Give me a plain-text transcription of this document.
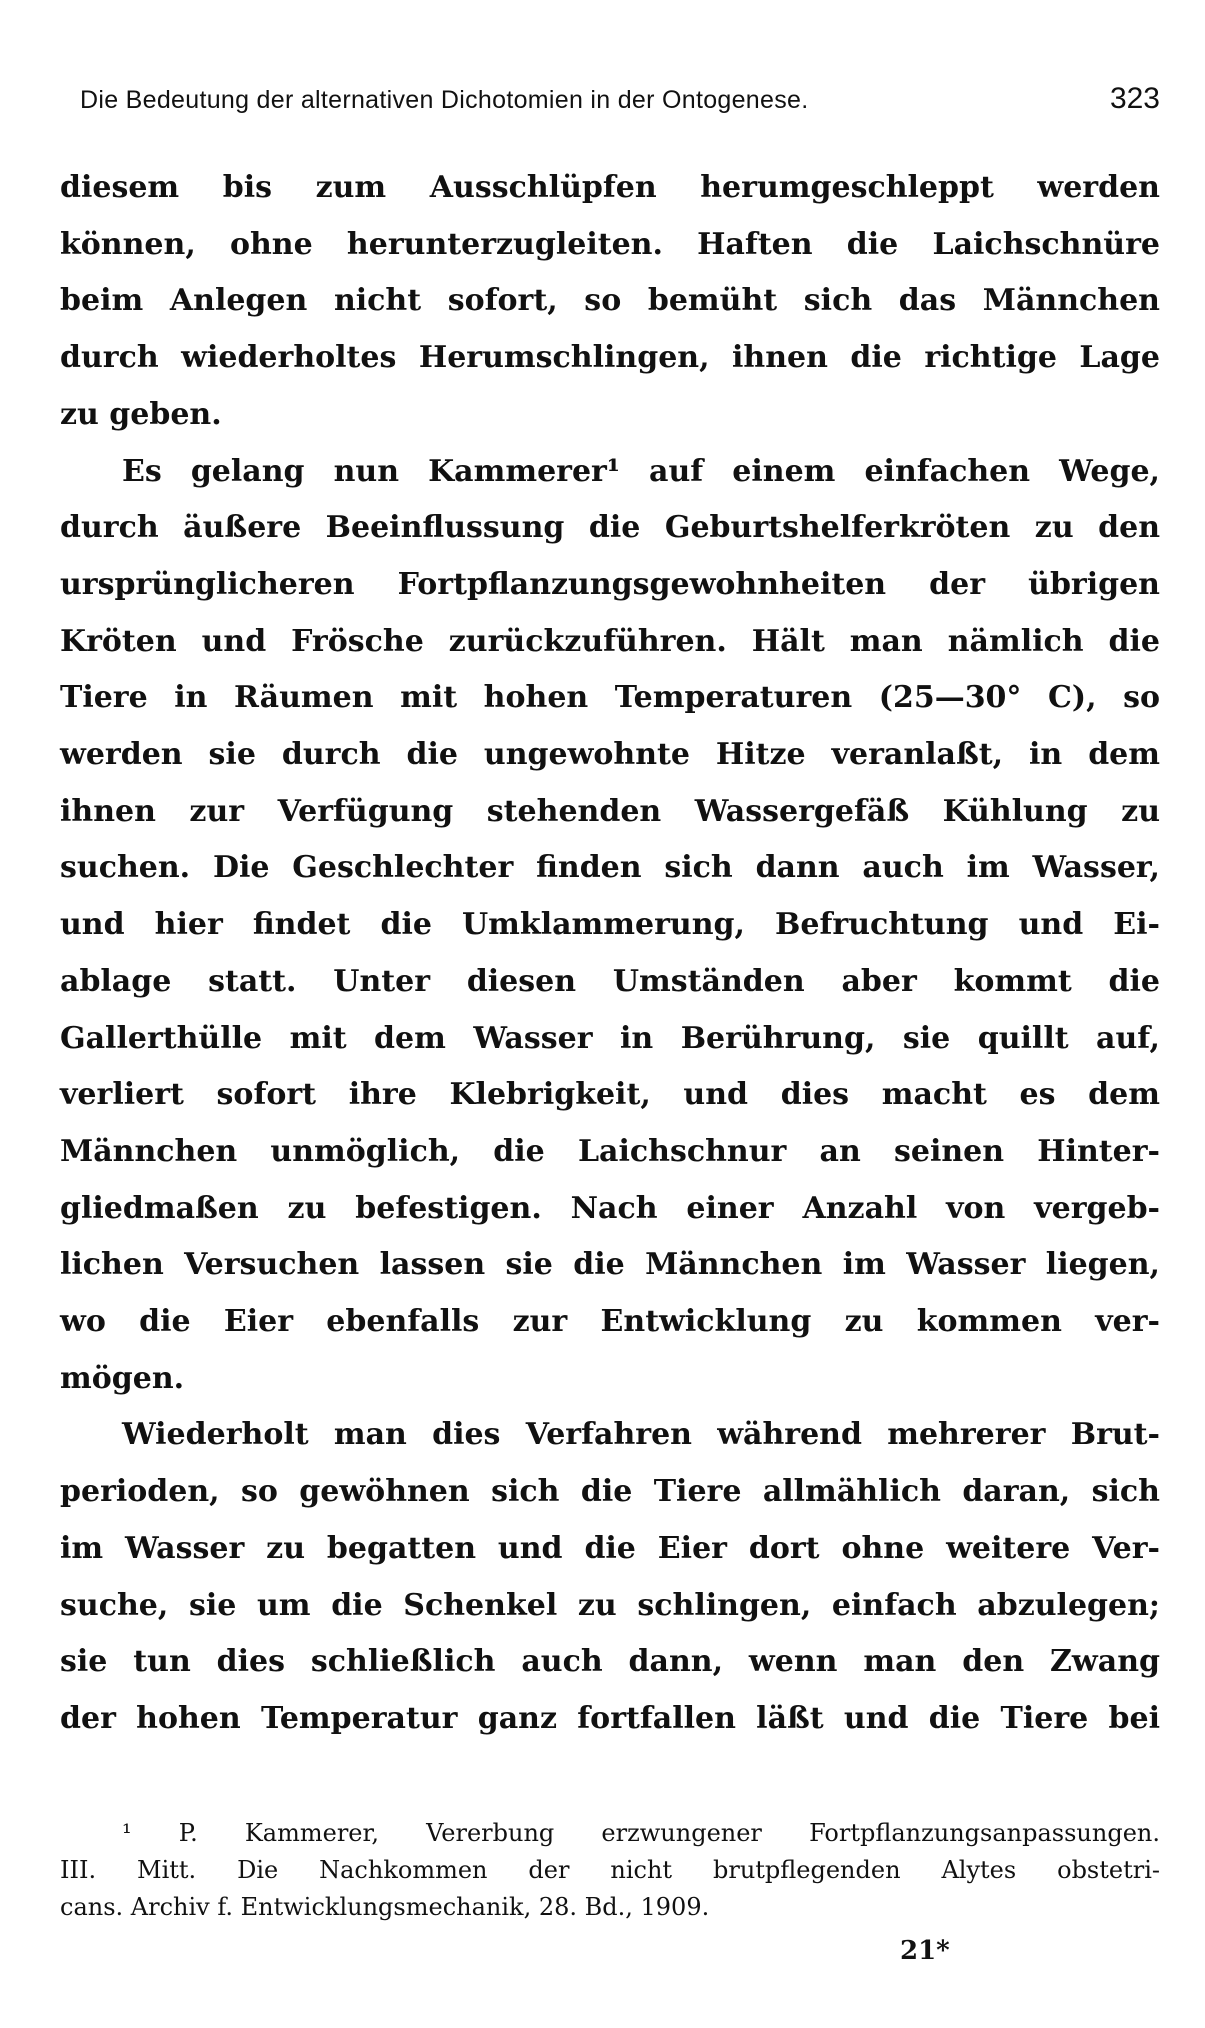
Die Bedeutung der alternativen Dichotomien in der Ontogenese.	323

diesem bis zum Ausschlüpfen herumgeschleppt werden
können, ohne herunterzugleiten. Haften die Laichschnüre
beim Anlegen nicht sofort, so bemüht sich das Männchen
durch wiederholtes Herumschlingen, ihnen die richtige Lage
zu geben.

Es gelang nun Kammerer¹ auf einem einfachen Wege,
durch äußere Beeinflussung die Geburtshelferkröten zu den
ursprünglicheren Fortpflanzungsgewohnheiten der übrigen
Kröten und Frösche zurückzuführen. Hält man nämlich die
Tiere in Räumen mit hohen Temperaturen (25—30° C), so
werden sie durch die ungewohnte Hitze veranlaßt, in dem
ihnen zur Verfügung stehenden Wassergefäß Kühlung zu
suchen. Die Geschlechter finden sich dann auch im Wasser,
und hier findet die Umklammerung, Befruchtung und Ei-
ablage statt. Unter diesen Umständen aber kommt die
Gallerthülle mit dem Wasser in Berührung, sie quillt auf,
verliert sofort ihre Klebrigkeit, und dies macht es dem
Männchen unmöglich, die Laichschnur an seinen Hinter-
gliedmaßen zu befestigen. Nach einer Anzahl von vergeb-
lichen Versuchen lassen sie die Männchen im Wasser liegen,
wo die Eier ebenfalls zur Entwicklung zu kommen ver-
mögen.

Wiederholt man dies Verfahren während mehrerer Brut-
perioden, so gewöhnen sich die Tiere allmählich daran, sich
im Wasser zu begatten und die Eier dort ohne weitere Ver-
suche, sie um die Schenkel zu schlingen, einfach abzulegen;
sie tun dies schließlich auch dann, wenn man den Zwang
der hohen Temperatur ganz fortfallen läßt und die Tiere bei

¹ P. Kammerer, Vererbung erzwungener Fortpflanzungsanpassungen.
III. Mitt. Die Nachkommen der nicht brutpflegenden Alytes obstetri-
cans. Archiv f. Entwicklungsmechanik, 28. Bd., 1909.
21*
